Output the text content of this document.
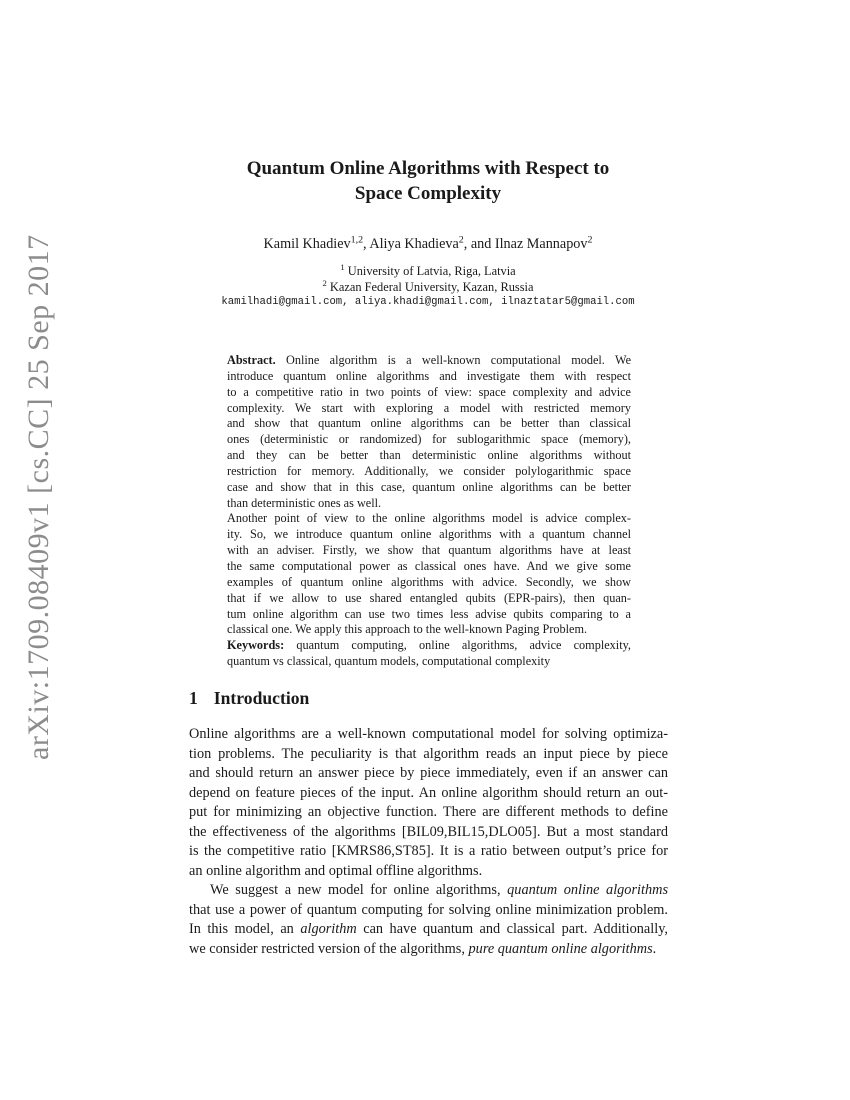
arXiv:1709.08409v1 [cs.CC] 25 Sep 2017
Quantum Online Algorithms with Respect to
Space Complexity
Kamil Khadiev$^{1,2}$, Aliya Khadieva$^2$, and Ilnaz Mannapov$^2$
$^1$ University of Latvia, Riga, Latvia
$^2$ Kazan Federal University, Kazan, Russia
kamilhadi@gmail.com, aliya.khadi@gmail.com, ilnaztatar5@gmail.com
Abstract. Online algorithm is a well-known computational model. We
introduce quantum online algorithms and investigate them with respect
to a competitive ratio in two points of view: space complexity and advice
complexity. We start with exploring a model with restricted memory
and show that quantum online algorithms can be better than classical
ones (deterministic or randomized) for sublogarithmic space (memory),
and they can be better than deterministic online algorithms without
restriction for memory. Additionally, we consider polylogarithmic space
case and show that in this case, quantum online algorithms can be better
than deterministic ones as well.
Another point of view to the online algorithms model is advice complex-
ity. So, we introduce quantum online algorithms with a quantum channel
with an adviser. Firstly, we show that quantum algorithms have at least
the same computational power as classical ones have. And we give some
examples of quantum online algorithms with advice. Secondly, we show
that if we allow to use shared entangled qubits (EPR-pairs), then quan-
tum online algorithm can use two times less advise qubits comparing to a
classical one. We apply this approach to the well-known Paging Problem.
Keywords: quantum computing, online algorithms, advice complexity,
quantum vs classical, quantum models, computational complexity
1 Introduction
Online algorithms are a well-known computational model for solving optimiza-
tion problems. The peculiarity is that algorithm reads an input piece by piece
and should return an answer piece by piece immediately, even if an answer can
depend on feature pieces of the input. An online algorithm should return an out-
put for minimizing an objective function. There are different methods to define
the effectiveness of the algorithms [BIL09,BIL15,DLO05]. But a most standard
is the competitive ratio [KMRS86,ST85]. It is a ratio between output’s price for
an online algorithm and optimal offline algorithms.
We suggest a new model for online algorithms, quantum online algorithms
that use a power of quantum computing for solving online minimization problem.
In this model, an algorithm can have quantum and classical part. Additionally,
we consider restricted version of the algorithms, pure quantum online algorithms.
